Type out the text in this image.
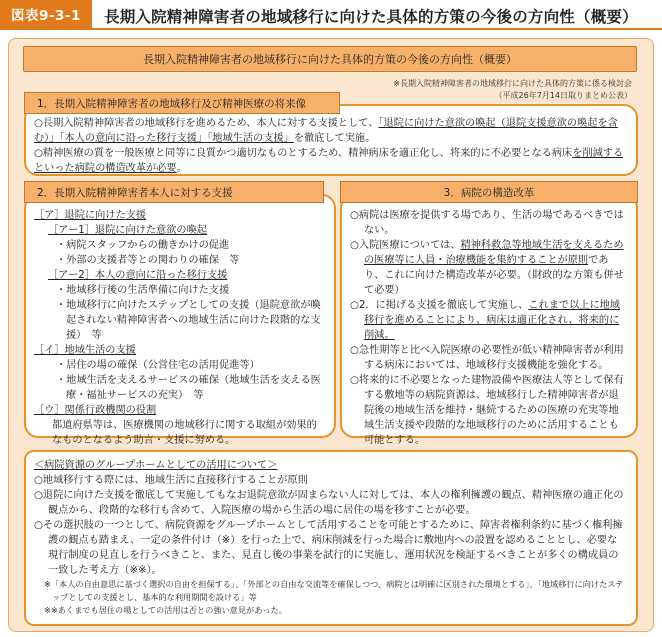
図表9-3-1	長期入院精神障害者の地域移行に向けた具体的方策の今後の方向性（概要）
長期入院精神障害者の地域移行に向けた具体的方策の今後の方向性（概要）
※長期入院精神障害者の地域移行に向けた具体的方策に係る検討会
（平成26年7月14日取りまとめ公表）
1．長期入院精神障害者の地域移行及び精神医療の将来像

○長期入院精神障害者の地域移行を進めるため、本人に対する支援として、「退院に向けた意欲の喚起（退院支援意欲の喚起を含む）」「本人の意向に沿った移行支援」「地域生活の支援」を徹底して実施。

○精神医療の質を一般医療と同等に良質かつ適切なものとするため、精神病床を適正化し、将来的に不必要となる病床を削減するといった病院の構造改革が必要。

2．長期入院精神障害者本人に対する支援

［ア］退院に向けた支援

［アー1］退院に向けた意欲の喚起

・病院スタッフからの働きかけの促進

・外部の支援者等との関わりの確保　等

［アー2］本人の意向に沿った移行支援

・地域移行後の生活準備に向けた支援

・地域移行に向けたステップとしての支援（退院意欲が喚起されない精神障害者への地域生活に向けた段階的な支援）　等

［イ］地域生活の支援

・居住の場の確保（公営住宅の活用促進等）

・地域生活を支えるサービスの確保（地域生活を支える医療・福祉サービスの充実）　等

［ウ］関係行政機関の役割

都道府県等は、医療機関の地域移行に関する取組が効果的なものとなるよう助言・支援に努める。

3．病院の構造改革

○病院は医療を提供する場であり、生活の場であるべきではない。

○入院医療については、精神科救急等地域生活を支えるための医療等に人員・治療機能を集約することが原則であり、これに向けた構造改革が必要。（財政的な方策も併せて必要）

○2．に掲げる支援を徹底して実施し、これまで以上に地域移行を進めることにより、病床は適正化され、将来的に削減。

○急性期等と比べ入院医療の必要性が低い精神障害者が利用する病床においては、地域移行支援機能を強化する。

○将来的に不必要となった建物設備や医療法人等として保有する敷地等の病院資源は、地域移行した精神障害者が退院後の地域生活を維持・継続するための医療の充実等地域生活支援や段階的な地域移行のために活用することも可能とする。

＜病院資源のグループホームとしての活用について＞

○地域移行する際には、地域生活に直接移行することが原則

○退院に向けた支援を徹底して実施してもなお退院意欲が固まらない人に対しては、本人の権利擁護の観点、精神医療の適正化の観点から、段階的な移行も含めて、入院医療の場から生活の場に居住の場を移すことが必要。

○その選択肢の一つとして、病院資源をグループホームとして活用することを可能とするために、障害者権利条約に基づく権利擁護の観点も踏まえ、一定の条件付け（※）を行った上で、病床削減を行った場合に敷地内への設置を認めることとし、必要な現行制度の見直しを行うべきこと、また、見直し後の事業を試行的に実施し、運用状況を検証するべきことが多くの構成員の一致した考え方（※※）。

※「本人の自由意思に基づく選択の自由を担保する」、「外部との自由な交流等を確保しつつ、病院とは明確に区別された環境とする」、「地域移行に向けたステップとしての支援とし、基本的な利用期間を設ける」等

※※あくまでも居住の場としての活用は否との強い意見があった。
